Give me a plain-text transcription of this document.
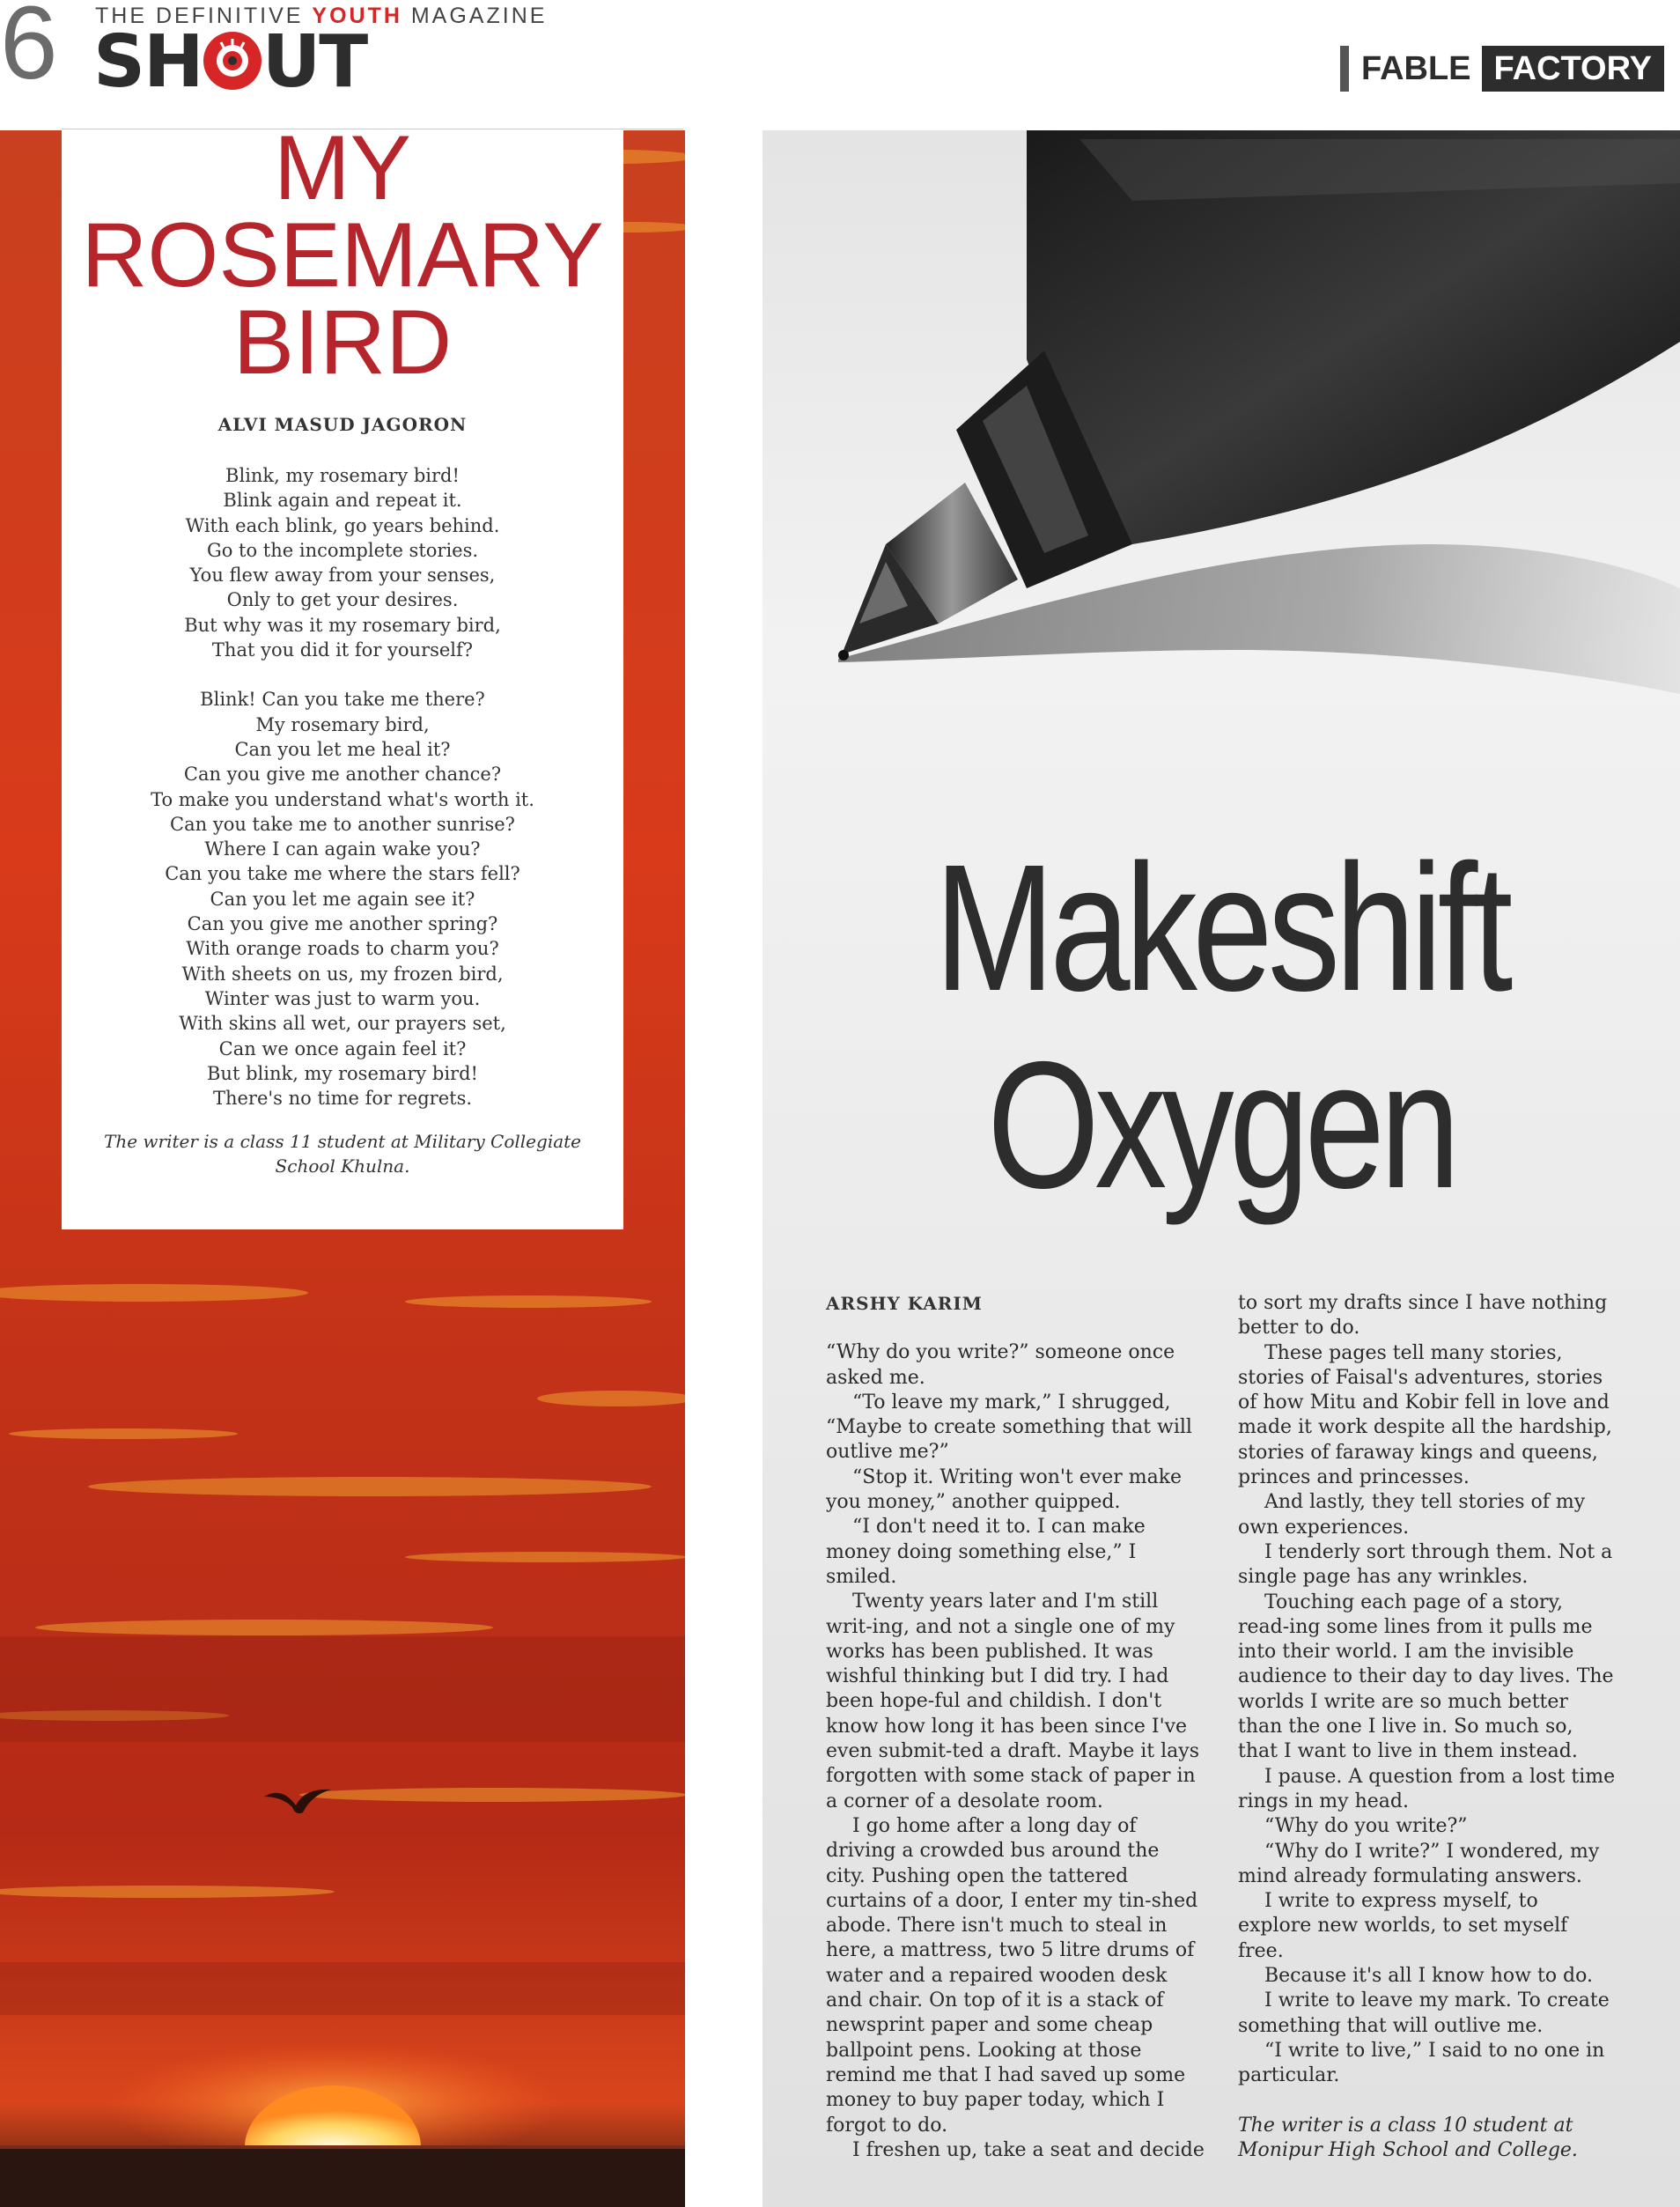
6 THE DEFINITIVE YOUTH MAGAZINE
SH UT	FABLE FACTORY
MY
ROSEMARY
BIRD
ALVI MASUD JAGORON
Blink, my rosemary bird!
Blink again and repeat it.
With each blink, go years behind.
Go to the incomplete stories.
You flew away from your senses,
Only to get your desires.
But why was it my rosemary bird,
That you did it for yourself?
Blink! Can you take me there?
My rosemary bird,
Can you let me heal it?
Can you give me another chance?
To make you understand what's worth it.
Can you take me to another sunrise?
Where I can again wake you?
Can you take me where the stars fell?
Can you let me again see it?
Can you give me another spring?
With orange roads to charm you?
With sheets on us, my frozen bird,
Winter was just to warm you.
With skins all wet, our prayers set,
Can we once again feel it?
But blink, my rosemary bird!
There's no time for regrets.
The writer is a class 11 student at Military Collegiate School Khulna.
Makeshift
Oxygen

ARSHY KARIM

“Why do you write?” someone once asked me.

“To leave my mark,” I shrugged, “Maybe to create something that will outlive me?”

“Stop it. Writing won't ever make you money,” another quipped.

“I don't need it to. I can make money doing something else,” I smiled.

Twenty years later and I'm still writ-ing, and not a single one of my works has been published. It was wishful thinking but I did try. I had been hope-ful and childish. I don't know how long it has been since I've even submit-ted a draft. Maybe it lays forgotten with some stack of paper in a corner of a desolate room.

I go home after a long day of driving a crowded bus around the city. Pushing open the tattered curtains of a door, I enter my tin-shed abode. There isn't much to steal in here, a mattress, two 5 litre drums of water and a repaired wooden desk and chair. On top of it is a stack of newsprint paper and some cheap ballpoint pens. Looking at those remind me that I had saved up some money to buy paper today, which I forgot to do.

I freshen up, take a seat and decide

to sort my drafts since I have nothing better to do.

These pages tell many stories, stories of Faisal's adventures, stories of how Mitu and Kobir fell in love and made it work despite all the hardship, stories of faraway kings and queens, princes and princesses.

And lastly, they tell stories of my own experiences.

I tenderly sort through them. Not a single page has any wrinkles.

Touching each page of a story, read-ing some lines from it pulls me into their world. I am the invisible audience to their day to day lives. The worlds I write are so much better than the one I live in. So much so, that I want to live in them instead.

I pause. A question from a lost time rings in my head.

“Why do you write?”

“Why do I write?” I wondered, my mind already formulating answers.

I write to express myself, to explore new worlds, to set myself free.

Because it's all I know how to do.

I write to leave my mark. To create something that will outlive me.

“I write to live,” I said to no one in particular.

The writer is a class 10 student at Monipur High School and College.
